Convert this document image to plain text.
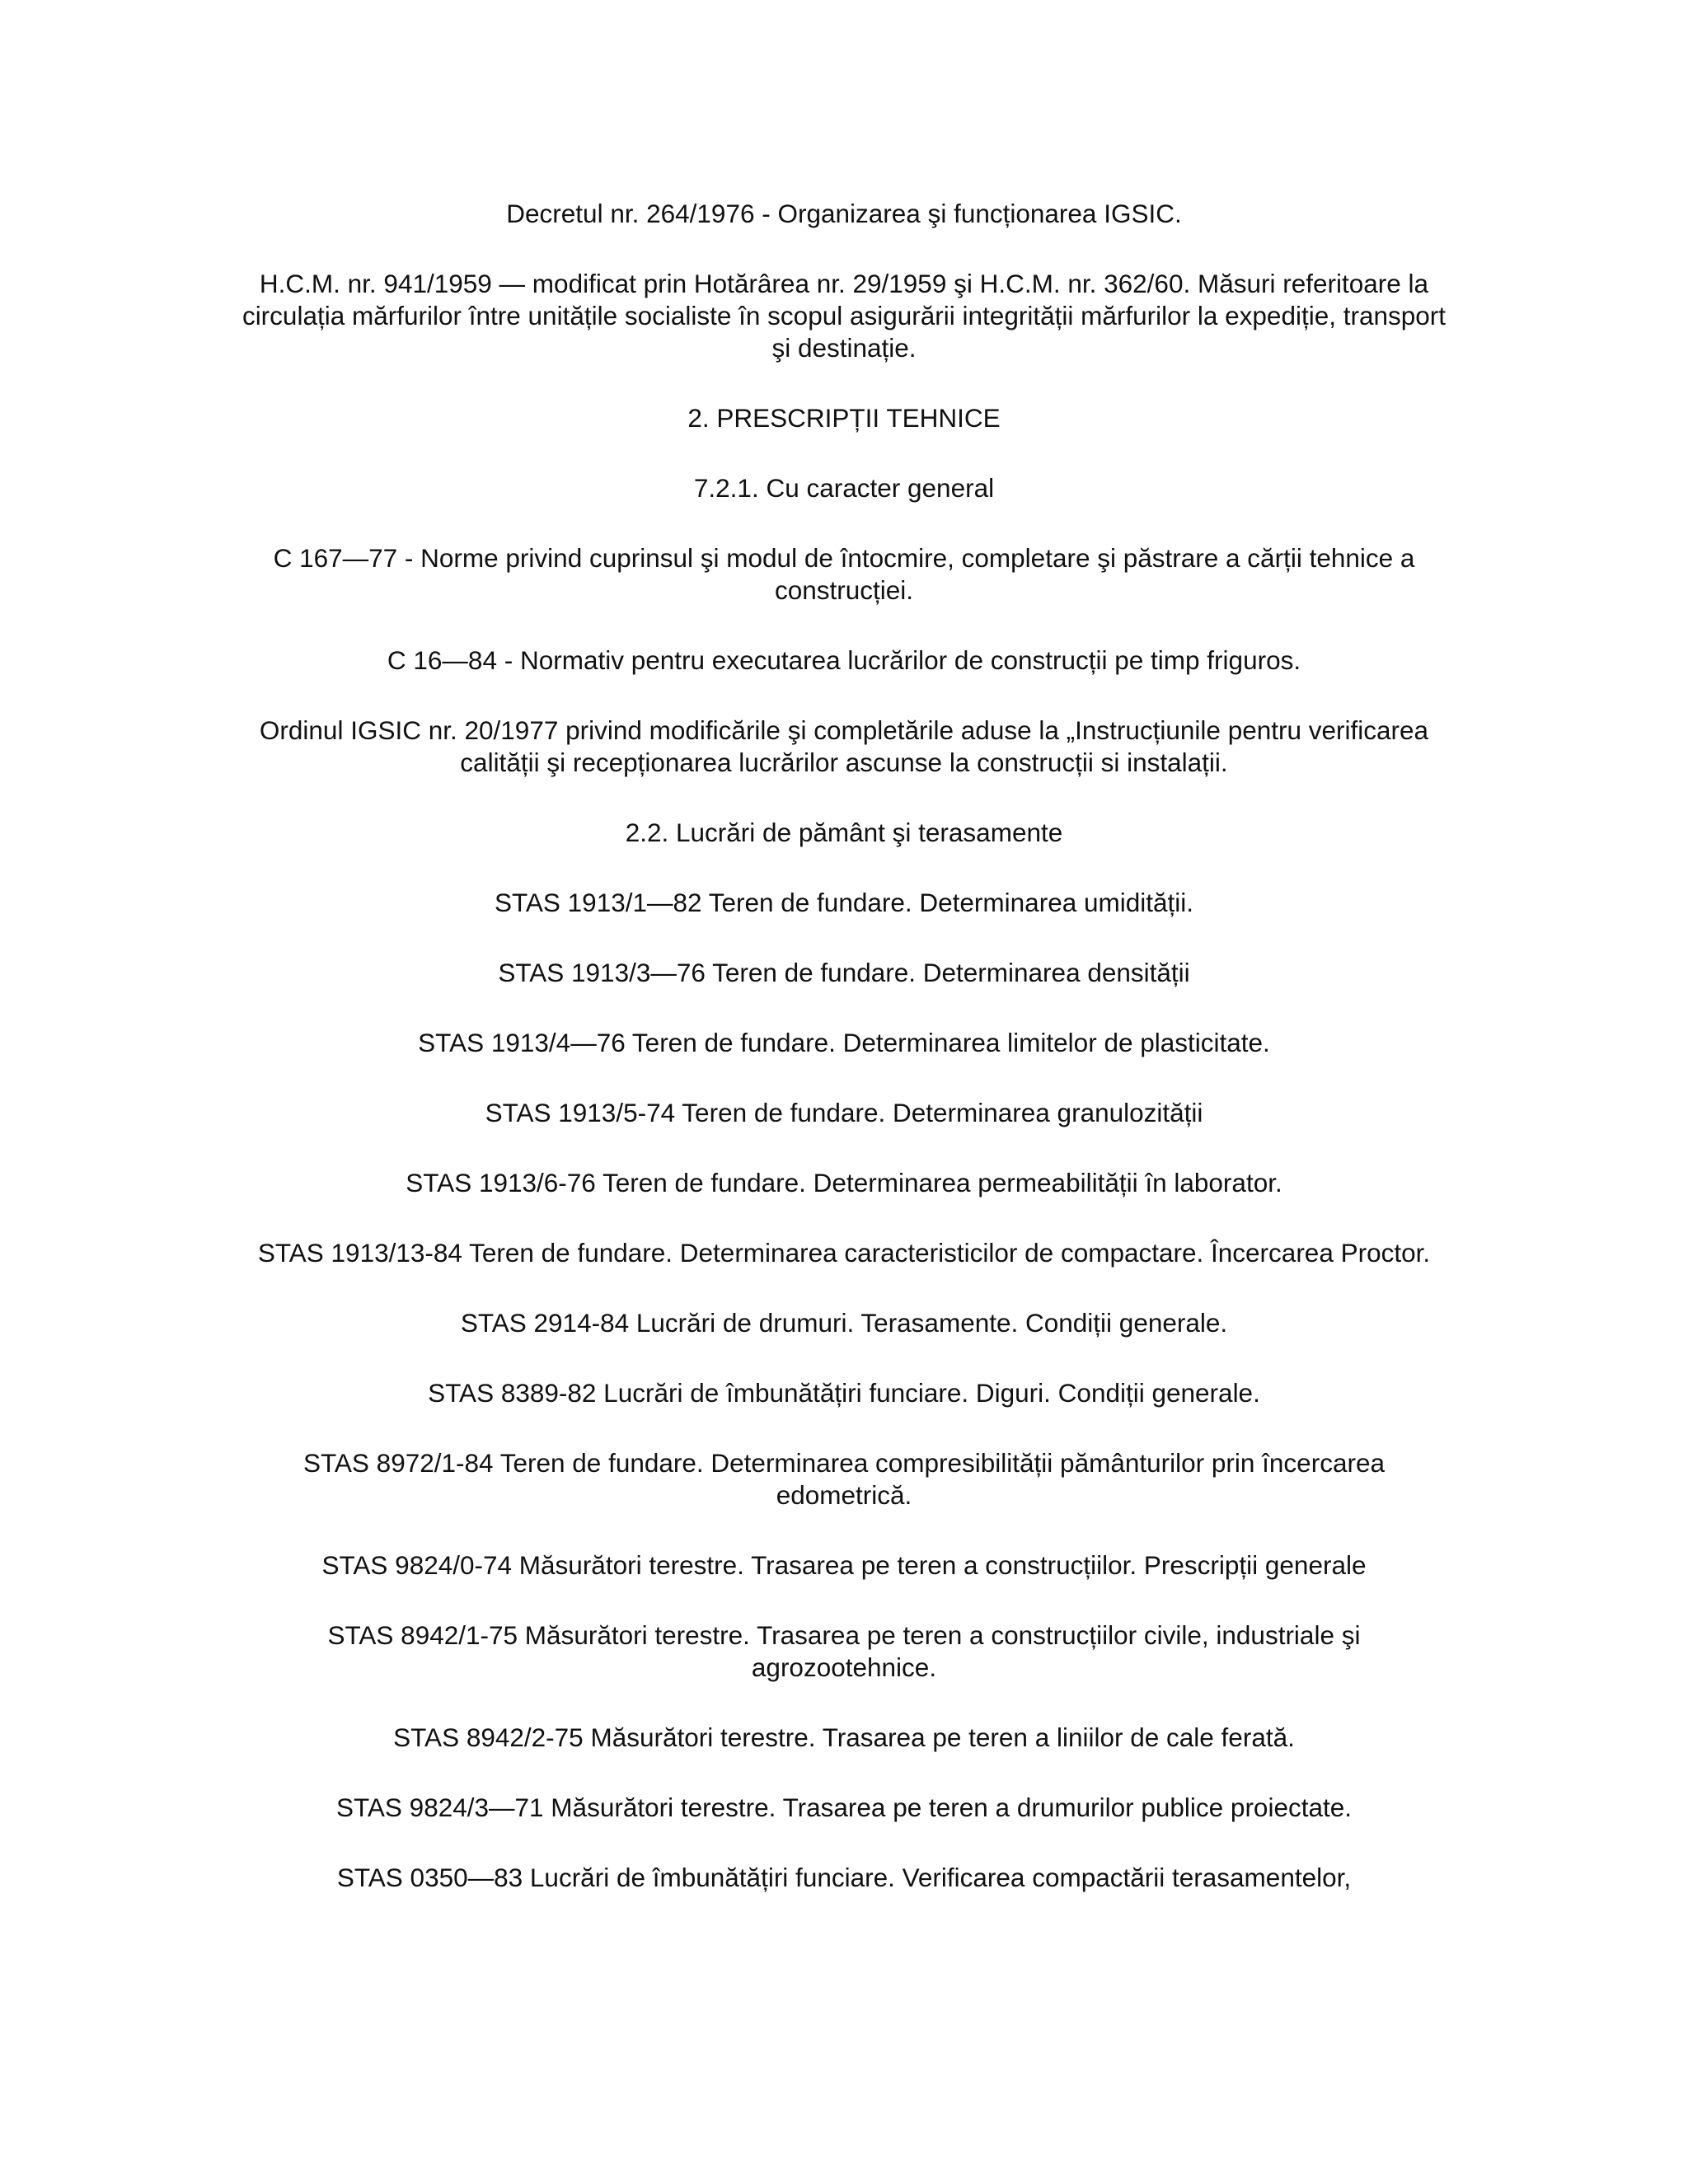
Decretul nr. 264/1976 - Organizarea şi funcționarea IGSIC.

H.C.M. nr. 941/1959 — modificat prin Hotărârea nr. 29/1959 şi H.C.M. nr. 362/60. Măsuri referitoare la circulația mărfurilor între unitățile socialiste în scopul asigurării integrității mărfurilor la expediție, transport şi destinație.

2. PRESCRIPȚII TEHNICE

7.2.1. Cu caracter general

C 167—77 - Norme privind cuprinsul şi modul de întocmire, completare şi păstrare a cărții tehnice a construcției.

C 16—84 - Normativ pentru executarea lucrărilor de construcții pe timp friguros.

Ordinul IGSIC nr. 20/1977 privind modificările şi completările aduse la „Instrucțiunile pentru verificarea calității şi recepționarea lucrărilor ascunse la construcții si instalații.

2.2. Lucrări de pământ şi terasamente

STAS 1913/1—82 Teren de fundare. Determinarea umidității.

STAS 1913/3—76 Teren de fundare. Determinarea densității

STAS 1913/4—76 Teren de fundare. Determinarea limitelor de plasticitate.

STAS 1913/5-74 Teren de fundare. Determinarea granulozității

STAS 1913/6-76 Teren de fundare. Determinarea permeabilității în laborator.

STAS 1913/13-84 Teren de fundare. Determinarea caracteristicilor de compactare. Încercarea Proctor.

STAS 2914-84 Lucrări de drumuri. Terasamente. Condiții generale.

STAS 8389-82 Lucrări de îmbunătățiri funciare. Diguri. Condiții generale.

STAS 8972/1-84 Teren de fundare. Determinarea compresibilității pământurilor prin încercarea edometrică.

STAS 9824/0-74 Măsurători terestre. Trasarea pe teren a construcțiilor. Prescripții generale

STAS 8942/1-75 Măsurători terestre. Trasarea pe teren a construcțiilor civile, industriale şi agrozootehnice.

STAS 8942/2-75 Măsurători terestre. Trasarea pe teren a liniilor de cale ferată.

STAS 9824/3—71 Măsurători terestre. Trasarea pe teren a drumurilor publice proiectate.

STAS 0350—83 Lucrări de îmbunătățiri funciare. Verificarea compactării terasamentelor,
